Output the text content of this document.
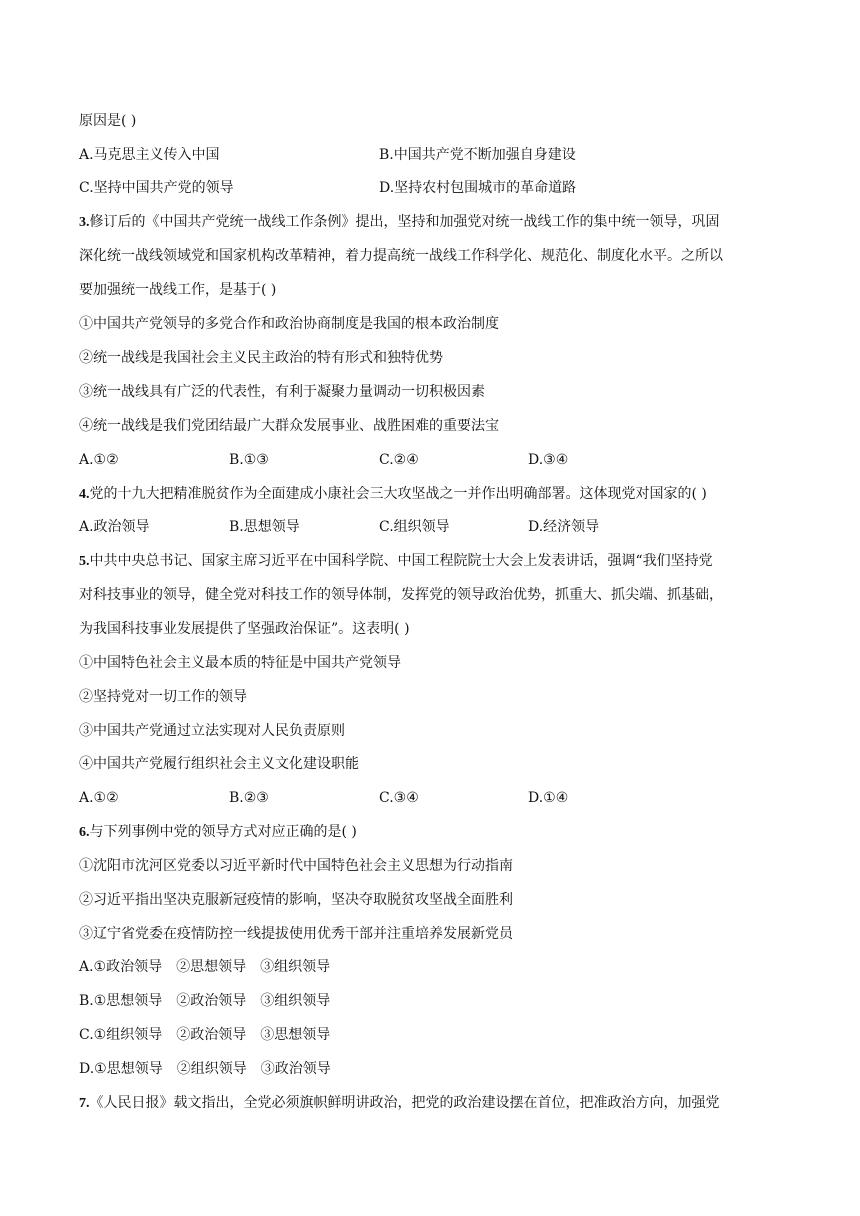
原因是( )
A.马克思主义传入中国	B.中国共产党不断加强自身建设
C.坚持中国共产党的领导	D.坚持农村包围城市的革命道路
3.修订后的《中国共产党统一战线工作条例》提出，坚持和加强党对统一战线工作的集中统一领导，巩固
深化统一战线领域党和国家机构改革精神，着力提高统一战线工作科学化、规范化、制度化水平。之所以
要加强统一战线工作，是基于( )
①中国共产党领导的多党合作和政治协商制度是我国的根本政治制度
②统一战线是我国社会主义民主政治的特有形式和独特优势
③统一战线具有广泛的代表性，有利于凝聚力量调动一切积极因素
④统一战线是我们党团结最广大群众发展事业、战胜困难的重要法宝
A.①②	B.①③	C.②④	D.③④
4.党的十九大把精准脱贫作为全面建成小康社会三大攻坚战之一并作出明确部署。这体现党对国家的( )
A.政治领导	B.思想领导	C.组织领导	D.经济领导
5.中共中央总书记、国家主席习近平在中国科学院、中国工程院院士大会上发表讲话，强调“我们坚持党
对科技事业的领导，健全党对科技工作的领导体制，发挥党的领导政治优势，抓重大、抓尖端、抓基础，
为我国科技事业发展提供了坚强政治保证”。这表明( )
①中国特色社会主义最本质的特征是中国共产党领导
②坚持党对一切工作的领导
③中国共产党通过立法实现对人民负责原则
④中国共产党履行组织社会主义文化建设职能
A.①②	B.②③	C.③④	D.①④
6.与下列事例中党的领导方式对应正确的是( )
①沈阳市沈河区党委以习近平新时代中国特色社会主义思想为行动指南
②习近平指出坚决克服新冠疫情的影响，坚决夺取脱贫攻坚战全面胜利
③辽宁省党委在疫情防控一线提拔使用优秀干部并注重培养发展新党员
A.①政治领导　②思想领导　③组织领导
B.①思想领导　②政治领导　③组织领导
C.①组织领导　②政治领导　③思想领导
D.①思想领导　②组织领导　③政治领导
7.《人民日报》载文指出，全党必须旗帜鲜明讲政治，把党的政治建设摆在首位，把准政治方向，加强党
